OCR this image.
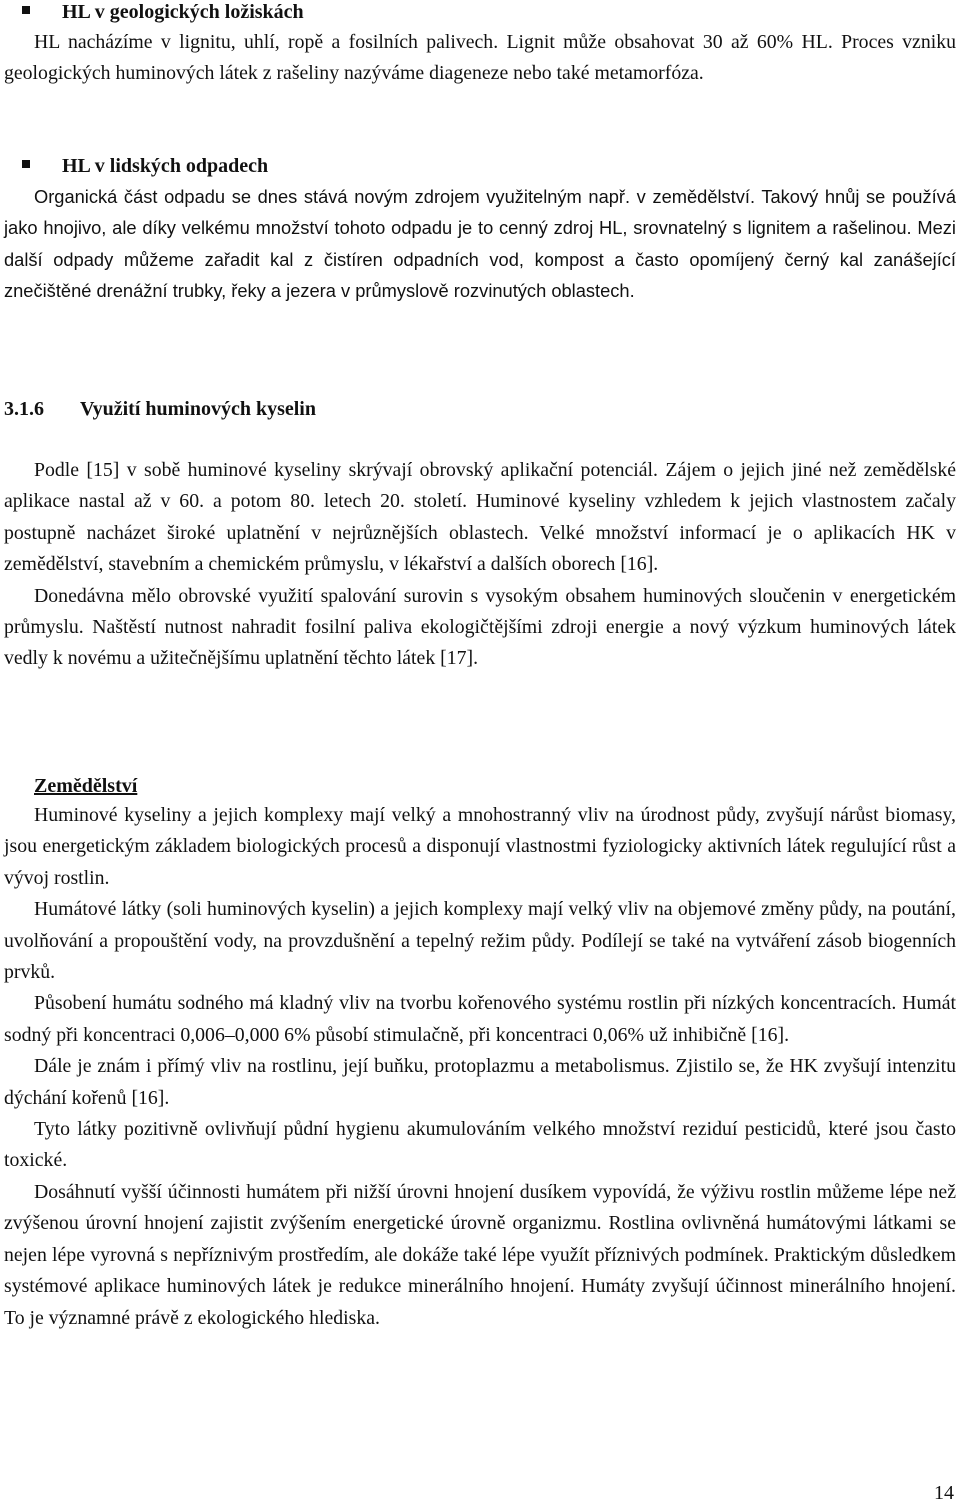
HL v geologických ložiskách

HL nacházíme v lignitu, uhlí, ropě a fosilních palivech. Lignit může obsahovat 30 až 60% HL. Proces vzniku geologických huminových látek z rašeliny nazýváme diageneze nebo také metamorfóza.

HL v lidských odpadech

Organická část odpadu se dnes stává novým zdrojem využitelným např. v zemědělství. Takový hnůj se používá jako hnojivo, ale díky velkému množství tohoto odpadu je to cenný zdroj HL, srovnatelný s lignitem a rašelinou. Mezi další odpady můžeme zařadit kal z čistíren odpadních vod, kompost a často opomíjený černý kal zanášející znečištěné drenážní trubky, řeky a jezera v průmyslově rozvinutých oblastech.

3.1.6 Využití huminových kyselin

Podle [15] v sobě huminové kyseliny skrývají obrovský aplikační potenciál. Zájem o jejich jiné než zemědělské aplikace nastal až v 60. a potom 80. letech 20. století. Huminové kyseliny vzhledem k jejich vlastnostem začaly postupně nacházet široké uplatnění v nejrůznějších oblastech. Velké množství informací je o aplikacích HK v zemědělství, stavebním a chemickém průmyslu, v lékařství a dalších oborech [16].

Donedávna mělo obrovské využití spalování surovin s vysokým obsahem huminových sloučenin v energetickém průmyslu. Naštěstí nutnost nahradit fosilní paliva ekologičtějšími zdroji energie a nový výzkum huminových látek vedly k novému a užitečnějšímu uplatnění těchto látek [17].

Zemědělství

Huminové kyseliny a jejich komplexy mají velký a mnohostranný vliv na úrodnost půdy, zvyšují nárůst biomasy, jsou energetickým základem biologických procesů a disponují vlastnostmi fyziologicky aktivních látek regulující růst a vývoj rostlin.

Humátové látky (soli huminových kyselin) a jejich komplexy mají velký vliv na objemové změny půdy, na poutání, uvolňování a propouštění vody, na provzdušnění a tepelný režim půdy. Podílejí se také na vytváření zásob biogenních prvků.

Působení humátu sodného má kladný vliv na tvorbu kořenového systému rostlin při nízkých koncentracích. Humát sodný při koncentraci 0,006–0,000 6% působí stimulačně, při koncentraci 0,06% už inhibičně [16].

Dále je znám i přímý vliv na rostlinu, její buňku, protoplazmu a metabolismus. Zjistilo se, že HK zvyšují intenzitu dýchání kořenů [16].

Tyto látky pozitivně ovlivňují půdní hygienu akumulováním velkého množství reziduí pesticidů, které jsou často toxické.

Dosáhnutí vyšší účinnosti humátem při nižší úrovni hnojení dusíkem vypovídá, že výživu rostlin můžeme lépe než zvýšenou úrovní hnojení zajistit zvýšením energetické úrovně organizmu. Rostlina ovlivněná humátovými látkami se nejen lépe vyrovná s nepříznivým prostředím, ale dokáže také lépe využít příznivých podmínek. Praktickým důsledkem systémové aplikace huminových látek je redukce minerálního hnojení. Humáty zvyšují účinnost minerálního hnojení. To je významné právě z ekologického hlediska.

14
